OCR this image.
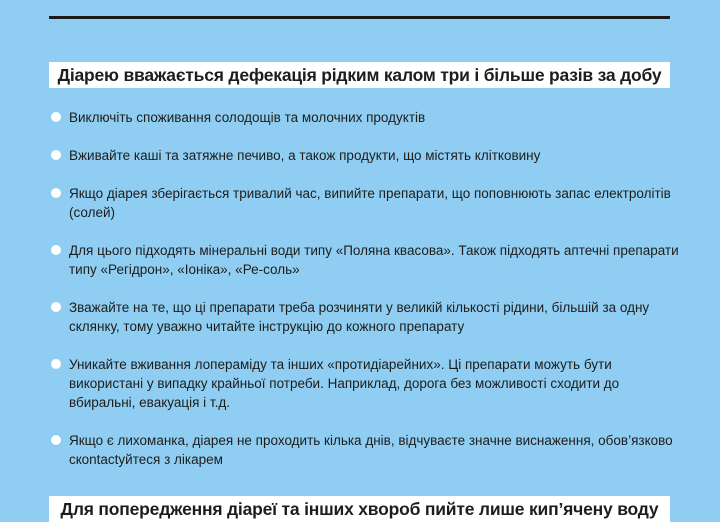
Діарею вважається дефекація рідким калом три і більше разів за добу
Виключіть споживання солодощів та молочних продуктів
Вживайте каші та затяжне печиво, а також продукти, що містять клітковину
Якщо діарея зберігається тривалий час, випийте препарати, що поповнюють запас електролітів (солей)
Для цього підходять мінеральні води типу «Поляна квасова». Також підходять аптечні препарати типу «Регідрон», «Іоніка», «Ре-соль»
Зважайте на те, що ці препарати треба розчиняти у великій кількості рідини, більшій за одну склянку, тому уважно читайте інструкцію до кожного препарату
Уникайте вживання лопераміду та інших «протидіарейних». Ці препарати можуть бути використані у випадку крайньої потреби. Наприклад, дорога без можливості сходити до вбиральні, евакуація і т.д.
Якщо є лихоманка, діарея не проходить кілька днів, відчуваєте значне виснаження, обов’язково скontactуйтеся з лікарем
Для попередження діареї та інших хвороб пийте лише кип’ячену воду
